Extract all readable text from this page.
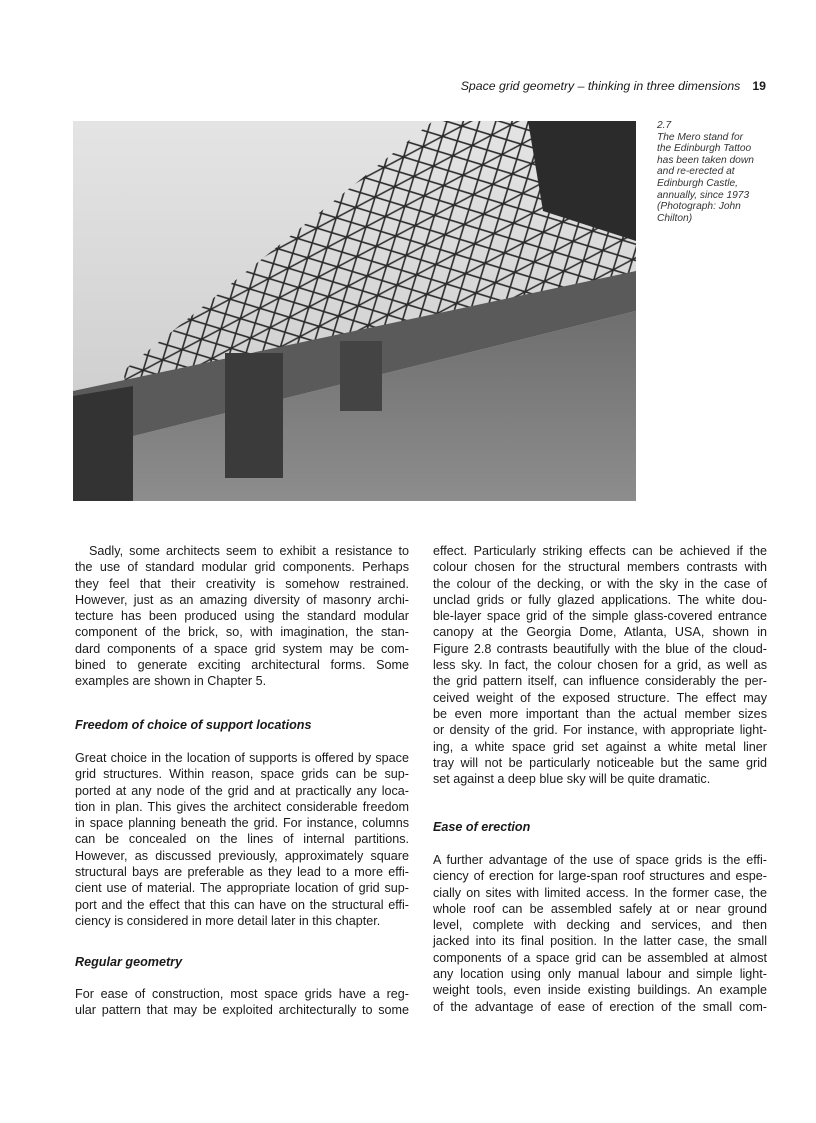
Space grid geometry – thinking in three dimensions 19
2.7
The Mero stand for
the Edinburgh Tattoo
has been taken down
and re-erected at
Edinburgh Castle,
annually, since 1973
(Photograph: John
Chilton)
Sadly, some architects seem to exhibit a resistance to
the use of standard modular grid components. Perhaps
they feel that their creativity is somehow restrained.
However, just as an amazing diversity of masonry archi-
tecture has been produced using the standard modular
component of the brick, so, with imagination, the stan-
dard components of a space grid system may be com-
bined to generate exciting architectural forms. Some
examples are shown in Chapter 5.
Freedom of choice of support locations
Great choice in the location of supports is offered by space
grid structures. Within reason, space grids can be sup-
ported at any node of the grid and at practically any loca-
tion in plan. This gives the architect considerable freedom
in space planning beneath the grid. For instance, columns
can be concealed on the lines of internal partitions.
However, as discussed previously, approximately square
structural bays are preferable as they lead to a more effi-
cient use of material. The appropriate location of grid sup-
port and the effect that this can have on the structural effi-
ciency is considered in more detail later in this chapter.
Regular geometry
For ease of construction, most space grids have a reg-
ular pattern that may be exploited architecturally to some
effect. Particularly striking effects can be achieved if the
colour chosen for the structural members contrasts with
the colour of the decking, or with the sky in the case of
unclad grids or fully glazed applications. The white dou-
ble-layer space grid of the simple glass-covered entrance
canopy at the Georgia Dome, Atlanta, USA, shown in
Figure 2.8 contrasts beautifully with the blue of the cloud-
less sky. In fact, the colour chosen for a grid, as well as
the grid pattern itself, can influence considerably the per-
ceived weight of the exposed structure. The effect may
be even more important than the actual member sizes
or density of the grid. For instance, with appropriate light-
ing, a white space grid set against a white metal liner
tray will not be particularly noticeable but the same grid
set against a deep blue sky will be quite dramatic.
Ease of erection
A further advantage of the use of space grids is the effi-
ciency of erection for large-span roof structures and espe-
cially on sites with limited access. In the former case, the
whole roof can be assembled safely at or near ground
level, complete with decking and services, and then
jacked into its final position. In the latter case, the small
components of a space grid can be assembled at almost
any location using only manual labour and simple light-
weight tools, even inside existing buildings. An example
of the advantage of ease of erection of the small com-
